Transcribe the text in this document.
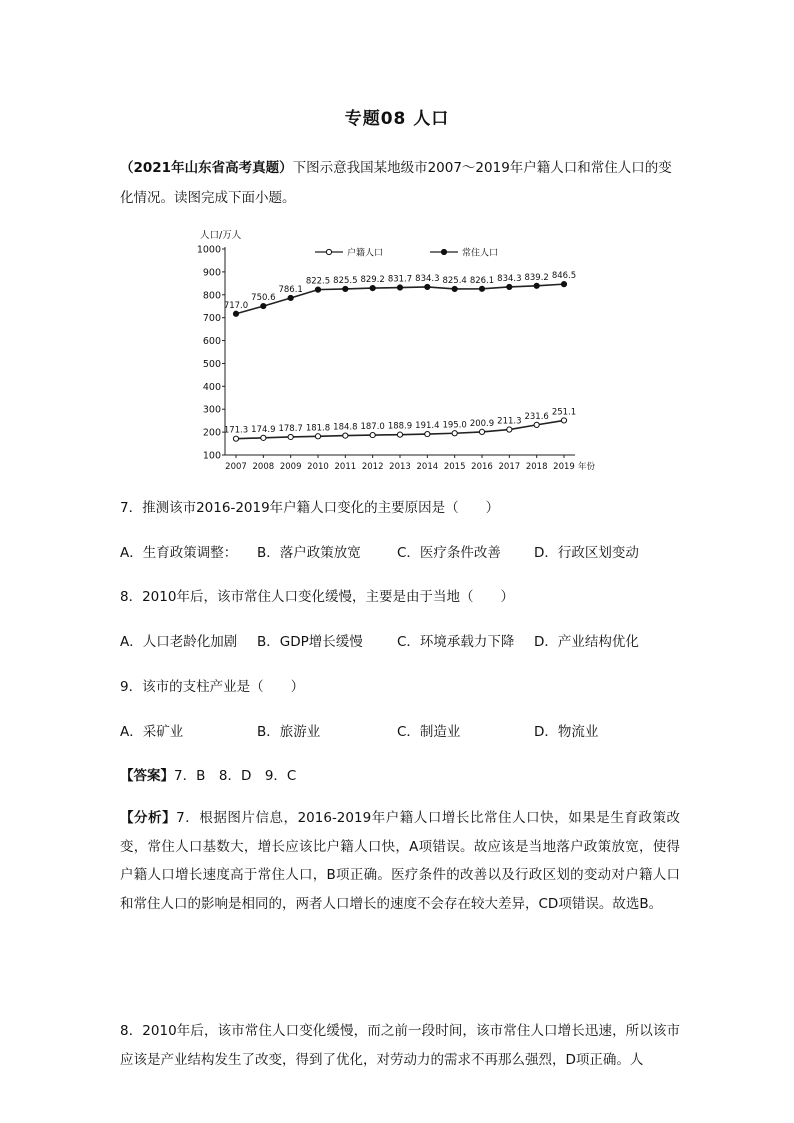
专题08 人口
（2021年山东省高考真题）下图示意我国某地级市2007～2019年户籍人口和常住人口的变化情况。读图完成下面小题。
100
200
300
400
500
600
700
800
900
1000
人口/万人
2007 2008 2009 2010 2011 2012 2013 2014 2015 2016 2017 2018 2019 年份
171.3 174.9 178.7 181.8 184.8 187.0 188.9 191.4 195.0 200.9 211.3 231.6 251.1
717.0
750.6
786.1
822.5 825.5 829.2 831.7 834.3 825.4 826.1 834.3 839.2 846.5
户籍人口	常住人口
7．推测该市2016-2019年户籍人口变化的主要原因是（　　）
A．生育政策调整： B．落户政策放宽	C．医疗条件改善 D．行政区划变动
8．2010年后，该市常住人口变化缓慢，主要是由于当地（　　）
A．人口老龄化加剧 B．GDP增长缓慢	C．环境承载力下降 D．产业结构优化
9．该市的支柱产业是（　　）
A．采矿业	B．旅游业	C．制造业	D．物流业
【答案】7．B　8．D　9．C
【分析】7．根据图片信息，2016-2019年户籍人口增长比常住人口快，如果是生育政策改变，常住人口基数大，增长应该比户籍人口快，A项错误。故应该是当地落户政策放宽，使得户籍人口增长速度高于常住人口，B项正确。医疗条件的改善以及行政区划的变动对户籍人口和常住人口的影响是相同的，两者人口增长的速度不会存在较大差异，CD项错误。故选B。
8．2010年后，该市常住人口变化缓慢，而之前一段时间，该市常住人口增长迅速，所以该市应该是产业结构发生了改变，得到了优化，对劳动力的需求不再那么强烈，D项正确。人
